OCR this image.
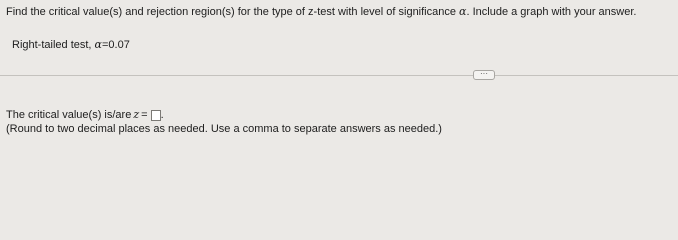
Find the critical value(s) and rejection region(s) for the type of z-test with level of significance α. Include a graph with your answer.
Right-tailed test, α=0.07
···
The critical value(s) is/are z = .
(Round to two decimal places as needed. Use a comma to separate answers as needed.)
